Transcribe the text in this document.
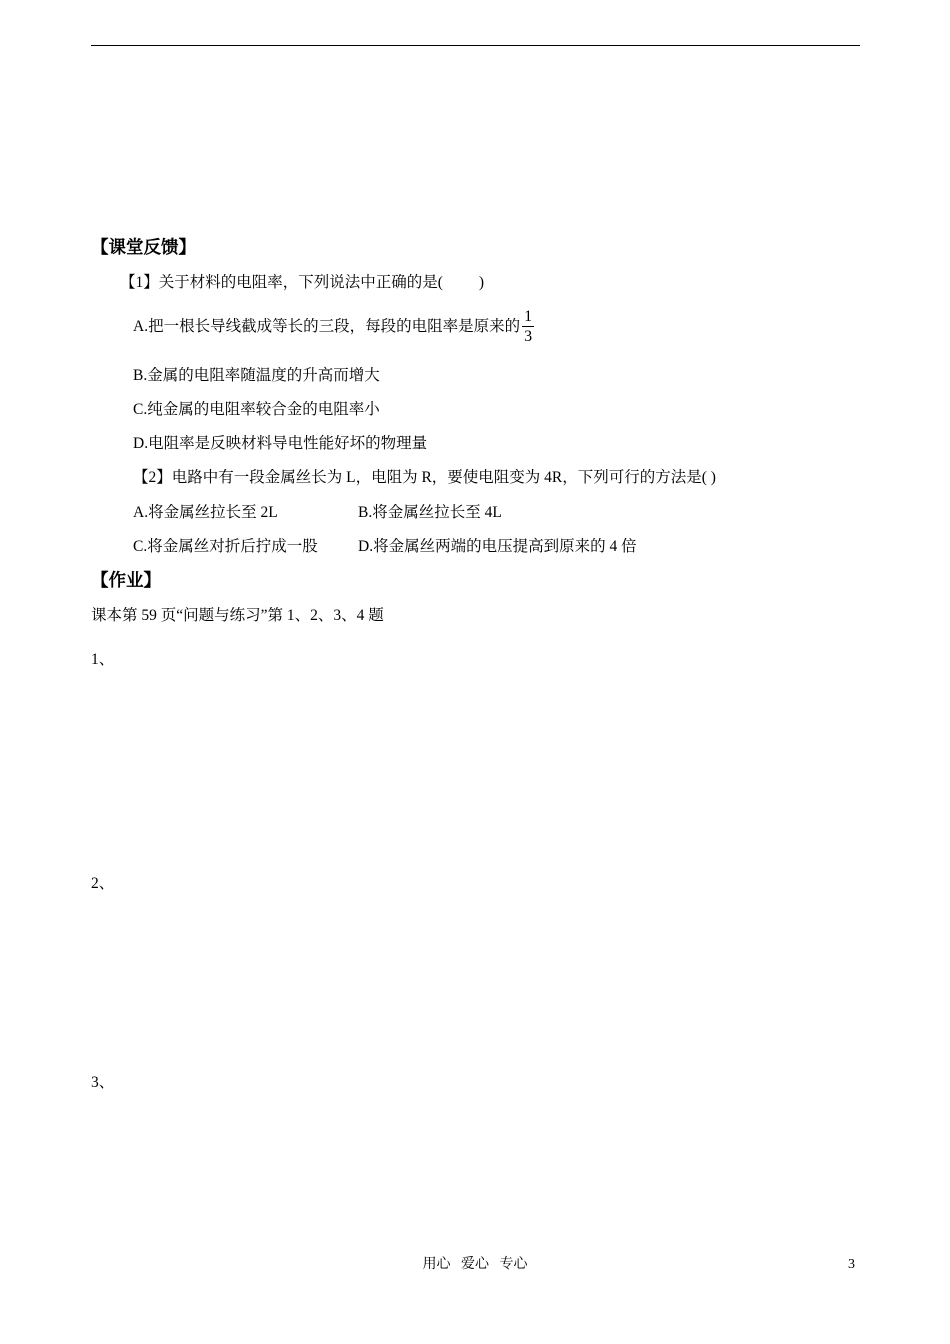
【课堂反馈】
【1】关于材料的电阻率，下列说法中正确的是( )
A.把一根长导线截成等长的三段，每段的电阻率是原来的 $\frac{1}{3}$
B.金属的电阻率随温度的升高而增大
C.纯金属的电阻率较合金的电阻率小
D.电阻率是反映材料导电性能好坏的物理量
【2】电路中有一段金属丝长为 L，电阻为 R，要使电阻变为 4R，下列可行的方法是( )
A.将金属丝拉长至 2L	B.将金属丝拉长至 4L
C.将金属丝对折后拧成一股	D.将金属丝两端的电压提高到原来的 4 倍
【作业】
课本第 59 页“问题与练习”第 1、2、3、4 题
1、
2、
3、
用心   爱心   专心	3
